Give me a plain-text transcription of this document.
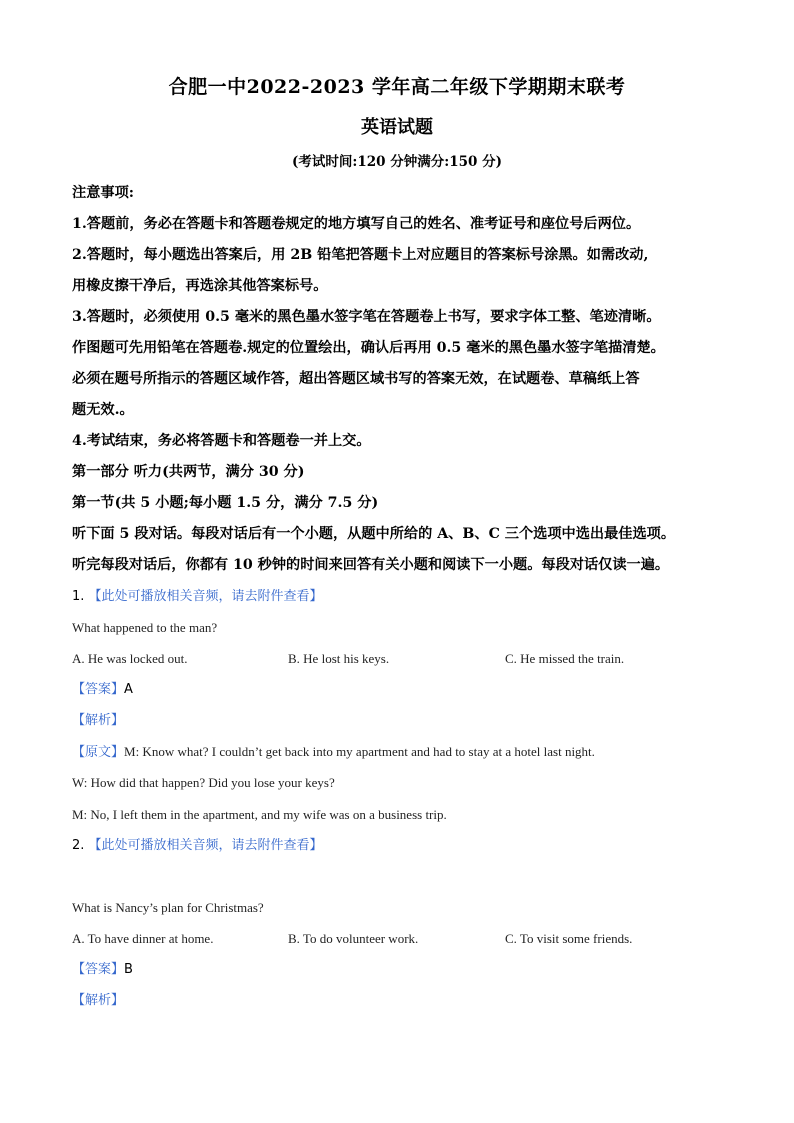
合肥一中2022-2023 学年高二年级下学期期末联考
英语试题
(考试时间:120 分钟满分:150 分)
注意事项:
1.答题前，务必在答题卡和答题卷规定的地方填写自己的姓名、准考证号和座位号后两位。
2.答题时，每小题选出答案后，用 2B 铅笔把答题卡上对应题目的答案标号涂黑。如需改动,
用橡皮擦干净后，再选涂其他答案标号。
3.答题时，必须使用 0.5 毫米的黑色墨水签字笔在答题卷上书写，要求字体工整、笔迹清晰。
作图题可先用铅笔在答题卷.规定的位置绘出，确认后再用 0.5 毫米的黑色墨水签字笔描清楚。
必须在题号所指示的答题区域作答，超出答题区域书写的答案无效，在试题卷、草稿纸上答
题无效.。
4.考试结束，务必将答题卡和答题卷一并上交。
第一部分 听力(共两节，满分 30 分)
第一节(共 5 小题;每小题 1.5 分，满分 7.5 分)
听下面 5 段对话。每段对话后有一个小题，从题中所给的 A、B、C 三个选项中选出最佳选项。
听完每段对话后，你都有 10 秒钟的时间来回答有关小题和阅读下一小题。每段对话仅读一遍。
1. 【此处可播放相关音频，请去附件查看】
What happened to the man?
A. He was locked out.	B. He lost his keys.	C. He missed the train.
【答案】A
【解析】
【原文】M: Know what? I couldn’t get back into my apartment and had to stay at a hotel last night.
W: How did that happen? Did you lose your keys?
M: No, I left them in the apartment, and my wife was on a business trip.
2. 【此处可播放相关音频，请去附件查看】
What is Nancy’s plan for Christmas?
A. To have dinner at home.	B. To do volunteer work.	C. To visit some friends.
【答案】B
【解析】
